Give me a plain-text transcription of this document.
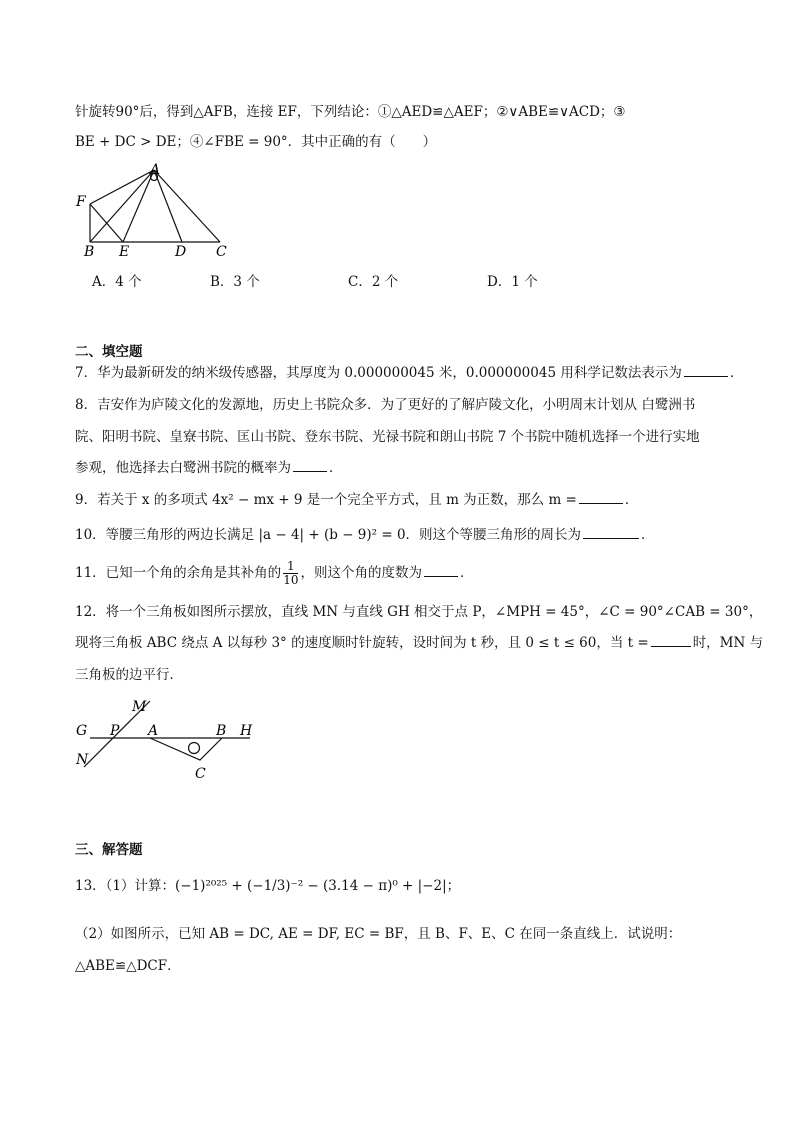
针旋转90°后，得到△AFB，连接 EF，下列结论：①△AED≌△AEF；②∨ABE≌∨ACD；③
BE + DC > DE；④∠FBE = 90°．其中正确的有（　　）
A
F
B E	D C
A．4 个	B．3 个	C．2 个	D．1 个
二、填空题
7．华为最新研发的纳米级传感器，其厚度为 0.000000045 米，0.000000045 用科学记数法表示为	．
8．吉安作为庐陵文化的发源地，历史上书院众多．为了更好的了解庐陵文化，小明周末计划从 白鹭洲书
院、阳明书院、皇寮书院、匡山书院、登东书院、光禄书院和朗山书院 7 个书院中随机选择一个进行实地
参观，他选择去白鹭洲书院的概率为	．
9．若关于 x 的多项式 4x² − mx + 9 是一个完全平方式，且 m 为正数，那么 m =	．
10．等腰三角形的两边长满足 |a − 4| + (b − 9)² = 0．则这个等腰三角形的周长为	．
11．已知一个角的余角是其补角的 $\frac{1}{10}$ ，则这个角的度数为	．
12．将一个三角板如图所示摆放，直线 MN 与直线 GH 相交于点 P，∠MPH = 45°，∠C = 90°∠CAB = 30°，
现将三角板 ABC 绕点 A 以每秒 3° 的速度顺时针旋转，设时间为 t 秒，且 0 ≤ t ≤ 60，当 t =	时，MN 与
三角板的边平行．
M
G P A	B H
N
C
三、解答题
13．（1）计算：(−1)²⁰²⁵ + (−1/3)⁻² − (3.14 − π)⁰ + |−2|；
（2）如图所示，已知 AB = DC, AE = DF, EC = BF，且 B、F、E、C 在同一条直线上．试说明：
△ABE≌△DCF．
